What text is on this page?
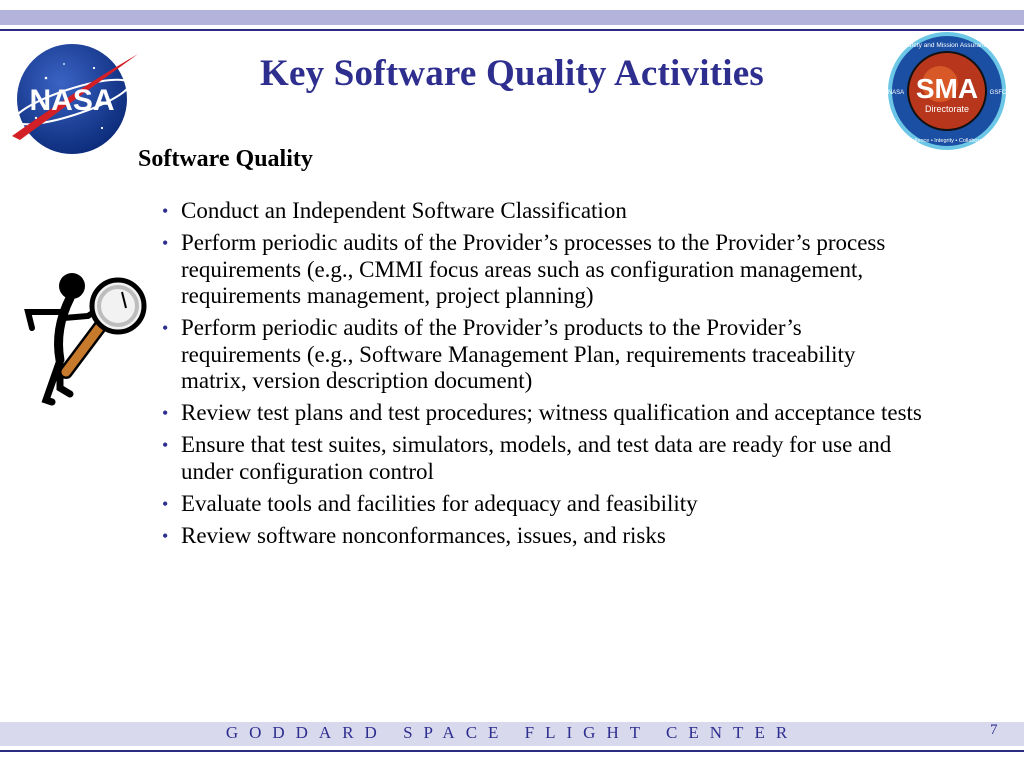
NASA
Key Software Quality Activities	SMA
Directorate
Safety and Mission Assurance
Excellence • Integrity • Collaboration
NASA	GSFC
Software Quality
• Conduct an Independent Software Classification
• Perform periodic audits of the Provider’s processes to the Provider’s process requirements (e.g., CMMI focus areas such as configuration management, requirements management, project planning)
• Perform periodic audits of the Provider’s products to the Provider’s requirements (e.g., Software Management Plan, requirements traceability matrix, version description document)
• Review test plans and test procedures; witness qualification and acceptance tests
• Ensure that test suites, simulators, models, and test data are ready for use and under configuration control
• Evaluate tools and facilities for adequacy and feasibility
• Review software nonconformances, issues, and risks
GODDARD SPACE FLIGHT CENTER	7
